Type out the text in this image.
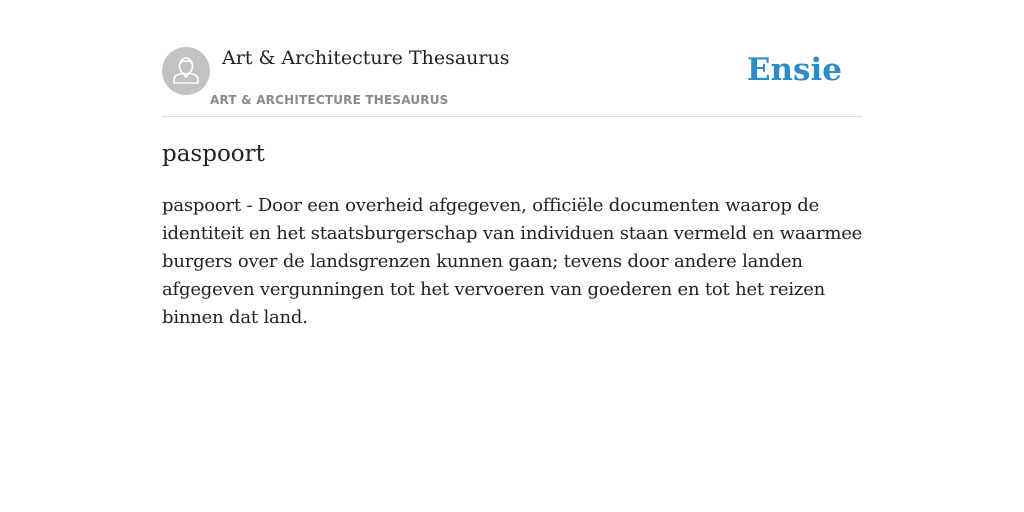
Art & Architecture Thesaurus
ART & ARCHITECTURE THESAURUS
Ensie
paspoort

paspoort - Door een overheid afgegeven, officiële documenten waarop de identiteit en het staatsburgerschap van individuen staan vermeld en waarmee burgers over de landsgrenzen kunnen gaan; tevens door andere landen afgegeven vergunningen tot het vervoeren van goederen en tot het reizen binnen dat land.
